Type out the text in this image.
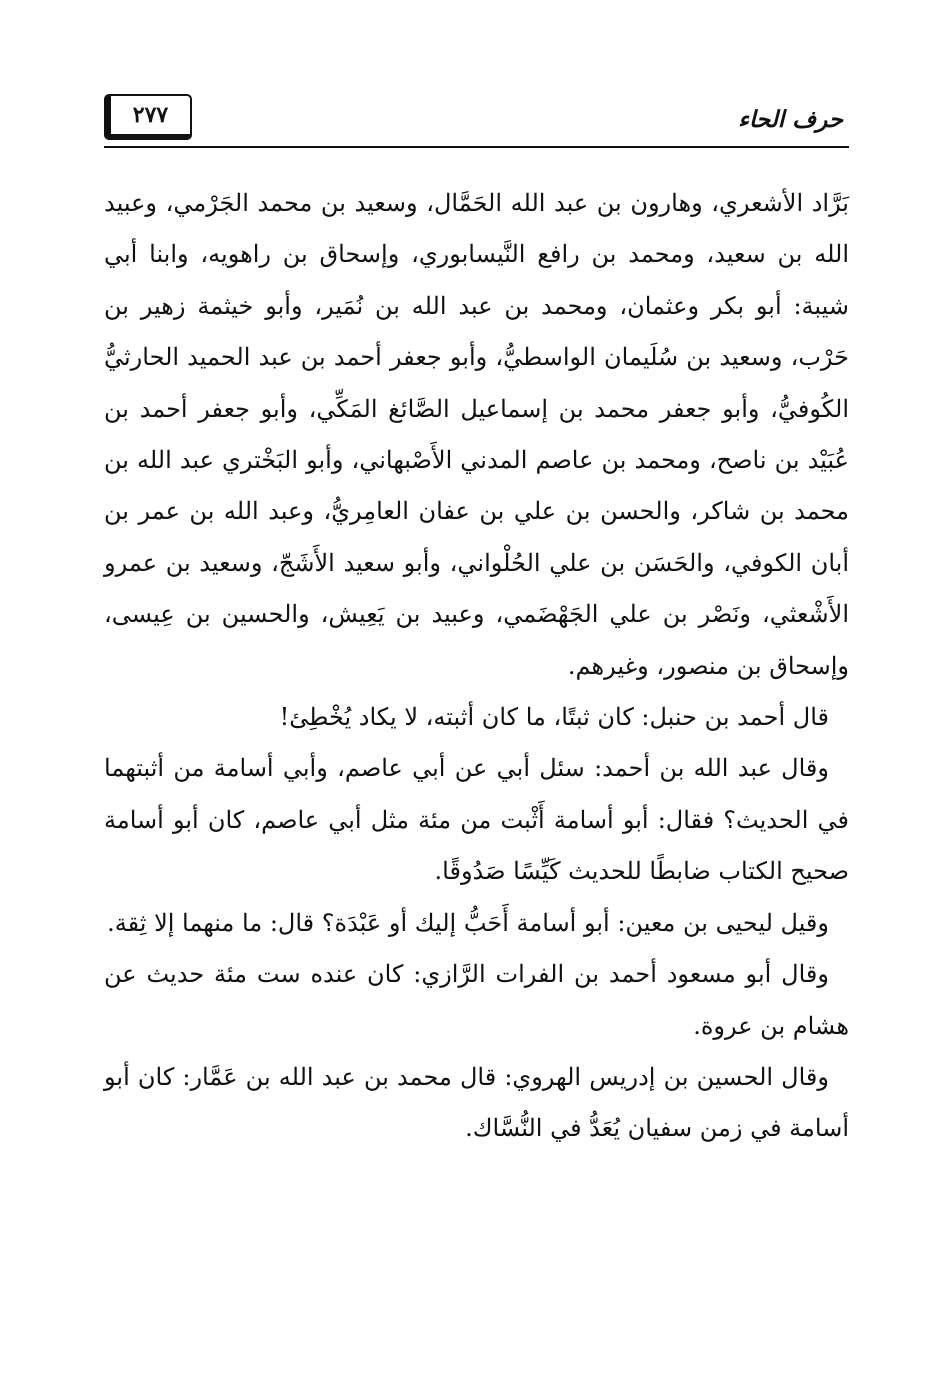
حرف الحاء
٢٧٧

بَرَّاد الأشعري، وهارون بن عبد الله الحَمَّال، وسعيد بن محمد الجَرْمي، وعبيد الله بن سعيد، ومحمد بن رافع النَّيسابوري، وإسحاق بن راهويه، وابنا أبي شيبة: أبو بكر وعثمان، ومحمد بن عبد الله بن نُمَير، وأبو خيثمة زهير بن حَرْب، وسعيد بن سُلَيمان الواسطيُّ، وأبو جعفر أحمد بن عبد الحميد الحارثيُّ الكُوفيُّ، وأبو جعفر محمد بن إسماعيل الصَّائغ المَكِّي، وأبو جعفر أحمد بن عُبَيْد بن ناصح، ومحمد بن عاصم المدني الأَصْبهاني، وأبو البَخْتري عبد الله بن محمد بن شاكر، والحسن بن علي بن عفان العامِريُّ، وعبد الله بن عمر بن أبان الكوفي، والحَسَن بن علي الحُلْواني، وأبو سعيد الأَشَجّ، وسعيد بن عمرو الأَشْعثي، ونَصْر بن علي الجَهْضَمي، وعبيد بن يَعِيش، والحسين بن عِيسى، وإسحاق بن منصور، وغيرهم.

قال أحمد بن حنبل: كان ثبتًا، ما كان أثبته، لا يكاد يُخْطِئ!

وقال عبد الله بن أحمد: سئل أبي عن أبي عاصم، وأبي أسامة من أثبتهما في الحديث؟ فقال: أبو أسامة أَثْبت من مئة مثل أبي عاصم، كان أبو أسامة صحيح الكتاب ضابطًا للحديث كَيِّسًا صَدُوقًا.

وقيل ليحيى بن معين: أبو أسامة أَحَبُّ إليك أو عَبْدَة؟ قال: ما منهما إلا ثِقة.

وقال أبو مسعود أحمد بن الفرات الرَّازي: كان عنده ست مئة حديث عن هشام بن عروة.

وقال الحسين بن إدريس الهروي: قال محمد بن عبد الله بن عَمَّار: كان أبو أسامة في زمن سفيان يُعَدُّ في النُّسَّاك.
